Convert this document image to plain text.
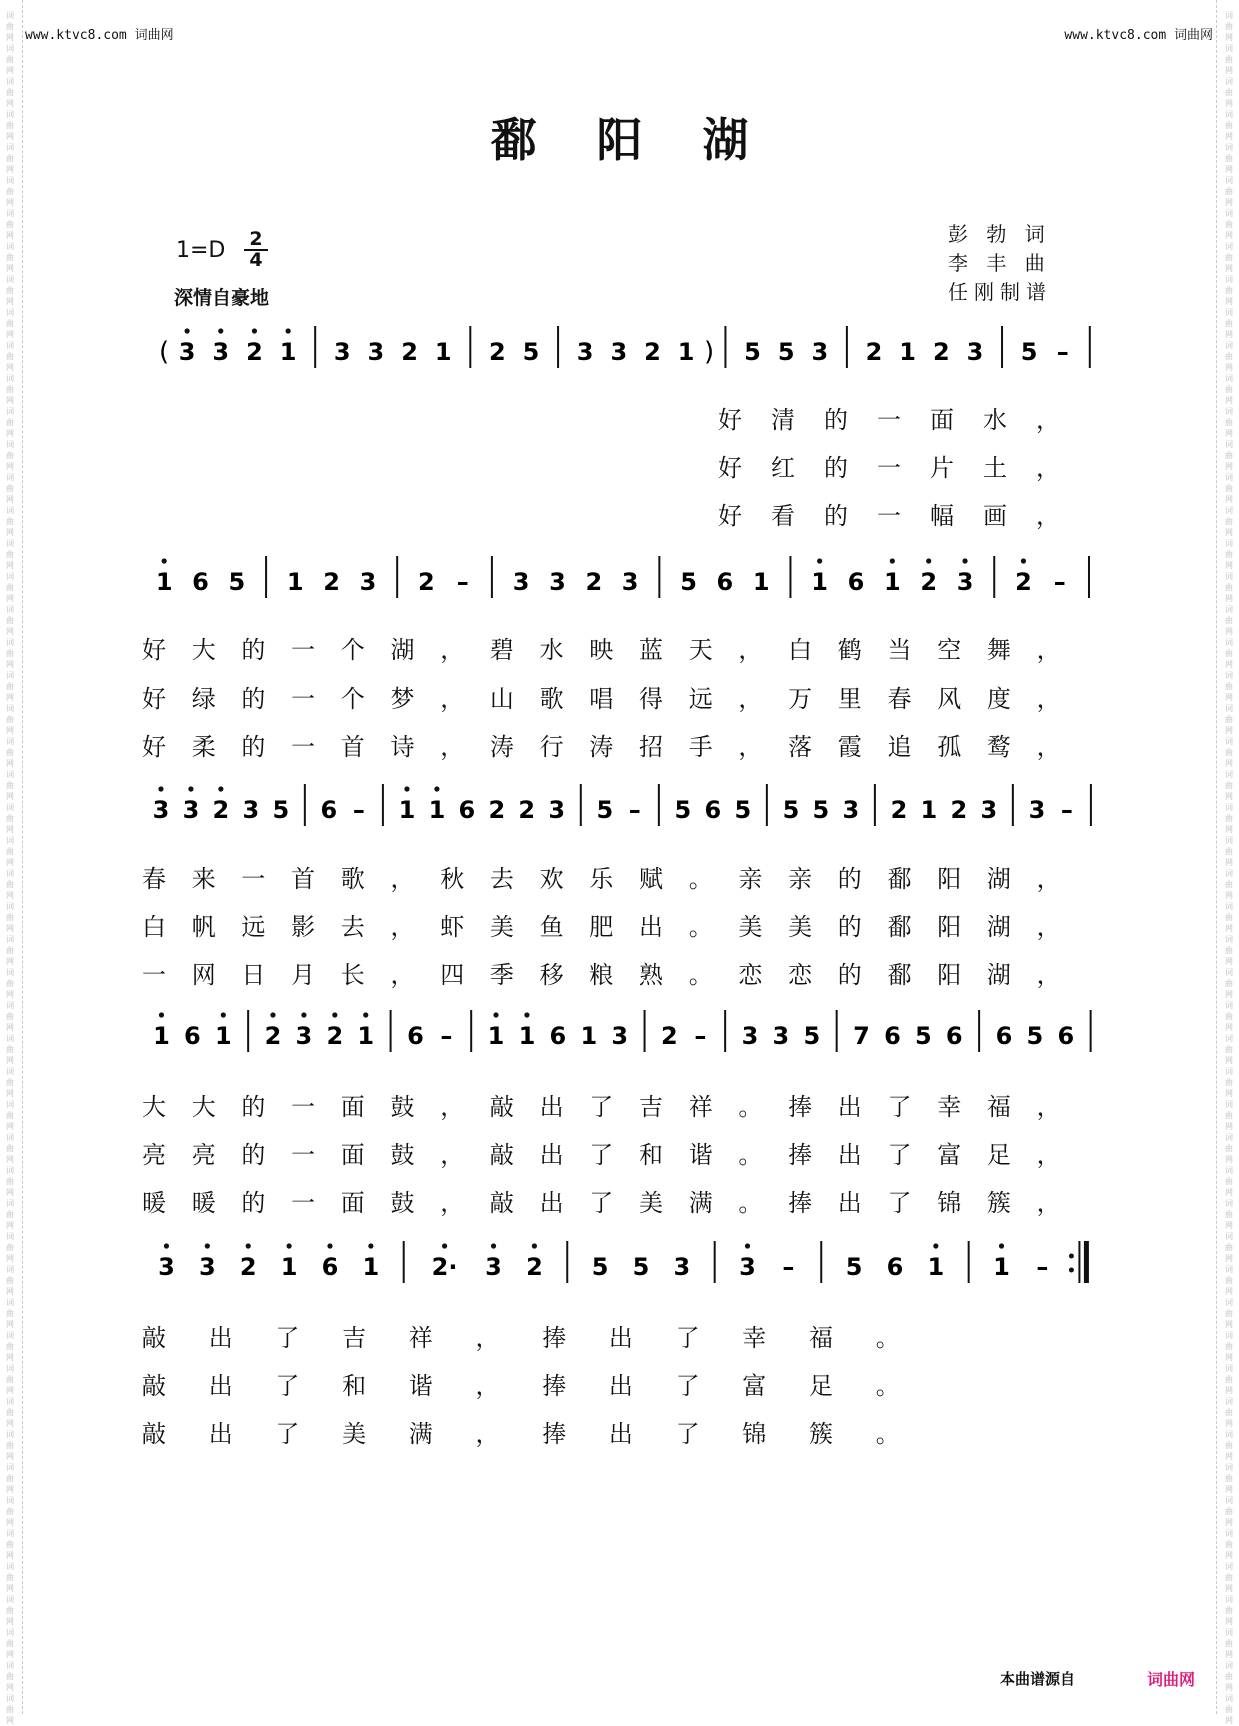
词
曲
网
词
曲
网
词
曲
网
词
曲
网
词
曲
网
词
曲
网
词
曲
网
词
曲
网
词
曲
网
词
曲
网
词
曲
网
词
曲
网
词
曲
网
词
曲
网
词
曲
网
词
曲
网
词
曲
网
词
曲
网
词
曲
网
词
曲
网
词
曲
网
词
曲
网
词
曲
网
词
曲
网
词
曲
网
词
曲
网
词
曲
网
词
曲
网
词
曲
网
词
曲
网
词
曲
网
词
曲
网
词
曲
网
词
曲
网
词
曲
网
词
曲
网
词
曲
网
词
曲
网
词
曲
网
词
曲
网
词
曲
网
词
曲
网
词
曲
网
词
曲
网
词
曲
网
词
曲
网
词
曲
网
词
曲
网
词
曲
网
词
曲
网
词
曲
网
词
曲
网
词
曲
网
词
曲
网
词
曲
网
词
曲
网
词
曲
网
词
曲
网
词
曲
网
词
曲
网
词
曲
网
词
曲
网
词
曲
网
词
曲
网
词
曲
网
词
曲
网
词
曲
网
词
曲
网
词
曲
网
词
曲
网
词
曲
网
词
曲
网
词
曲
网
词
曲
网
词
曲
网
词
曲
网
词
曲
网
词
曲
网
词
曲
网
词
曲
网
词
曲
网
词
曲
网
词
曲
网
词
曲
网
词
曲
网
词
曲
网
词
曲
网
词
曲
网
词
曲
网
词
曲
网
词
曲
网
词
曲
网
词
曲
网
词
曲
网
词
曲
网
词
曲
网
词
曲
网
词
曲
网
词
曲
网
词
曲
网
词
曲
网
词
曲
网
词
曲
网
词
曲
网
www.ktvc8.com 词曲网	www.ktvc8.com 词曲网
鄱阳湖
$1=D \frac{2}{4}$
深情自豪地
彭 勃 词
李 丰 曲
任刚制谱
( 3 3 2 1 3 3 2 1 2 5 3 3 2 1 ) 5 5 3 2 1 2 3 5 –
1 6 5 1 2 3 2 – 3 3 2 3 5 6 1 1 6 1 2 3 2 –
3 3 2 3 5 6 – 1 1 6 2 2 3 5 – 5 6 5 5 5 3 2 1 2 3 3 –
1 6 1 2 3 2 1 6 – 1 1 6 1 3 2 – 3 3 5 7 6 5 6 6 5 6
3 3 2 1 6 1 2· 3 2 5 5 3 3 – 5 6 1 1 –
好清的一面水，
好红的一片土，
好看的一幅画，
好大的一个湖，碧水映蓝天，白鹤当空舞，
好绿的一个梦，山歌唱得远，万里春风度，
好柔的一首诗，涛行涛招手，落霞追孤鹜，
春来一首歌，秋去欢乐赋。亲亲的鄱阳湖，
白帆远影去，虾美鱼肥出。美美的鄱阳湖，
一网日月长，四季移粮熟。恋恋的鄱阳湖，
大大的一面鼓，敲出了吉祥。捧出了幸福，
亮亮的一面鼓，敲出了和谐。捧出了富足，
暖暖的一面鼓，敲出了美满。捧出了锦簇，
敲出了吉祥，捧出了幸福。
敲出了和谐，捧出了富足。
敲出了美满，捧出了锦簇。
本曲谱源自	词曲网
